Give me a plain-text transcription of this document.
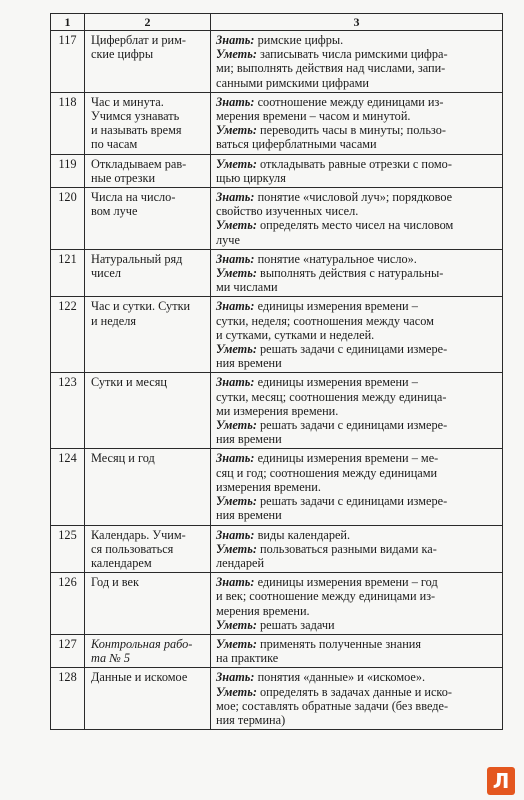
1	2	3
117	Циферблат и рим-
ские цифры	Знать: римские цифры.
Уметь: записывать числа римскими цифра-
ми; выполнять действия над числами, запи-
санными римскими цифрами

118	Час и минута.
Учимся узнавать
и называть время
по часам	Знать: соотношение между единицами из-
мерения времени – часом и минутой.
Уметь: переводить часы в минуты; пользо-
ваться циферблатными часами

119	Откладываем рав-
ные отрезки	Уметь: откладывать равные отрезки с помо-
щью циркуля

120	Числа на число-
вом луче	Знать: понятие «числовой луч»; порядковое
свойство изученных чисел.
Уметь: определять место чисел на числовом
луче

121	Натуральный ряд
чисел	Знать: понятие «натуральное число».
Уметь: выполнять действия с натуральны-
ми числами

122	Час и сутки. Сутки
и неделя	Знать: единицы измерения времени –
сутки, неделя; соотношения между часом
и сутками, сутками и неделей.
Уметь: решать задачи с единицами измере-
ния времени

123	Сутки и месяц	Знать: единицы измерения времени –
сутки, месяц; соотношения между единица-
ми измерения времени.
Уметь: решать задачи с единицами измере-
ния времени

124	Месяц и год	Знать: единицы измерения времени – ме-
сяц и год; соотношения между единицами
измерения времени.
Уметь: решать задачи с единицами измере-
ния времени

125	Календарь. Учим-
ся пользоваться
календарем	Знать: виды календарей.
Уметь: пользоваться разными видами ка-
лендарей

126	Год и век	Знать: единицы измерения времени – год
и век; соотношение между единицами из-
мерения времени.
Уметь: решать задачи

127	Контрольная рабо-
та № 5	Уметь: применять полученные знания
на практике

128	Данные и искомое	Знать: понятия «данные» и «искомое».
Уметь: определять в задачах данные и иско-
мое; составлять обратные задачи (без введе-
ния термина)
Л
